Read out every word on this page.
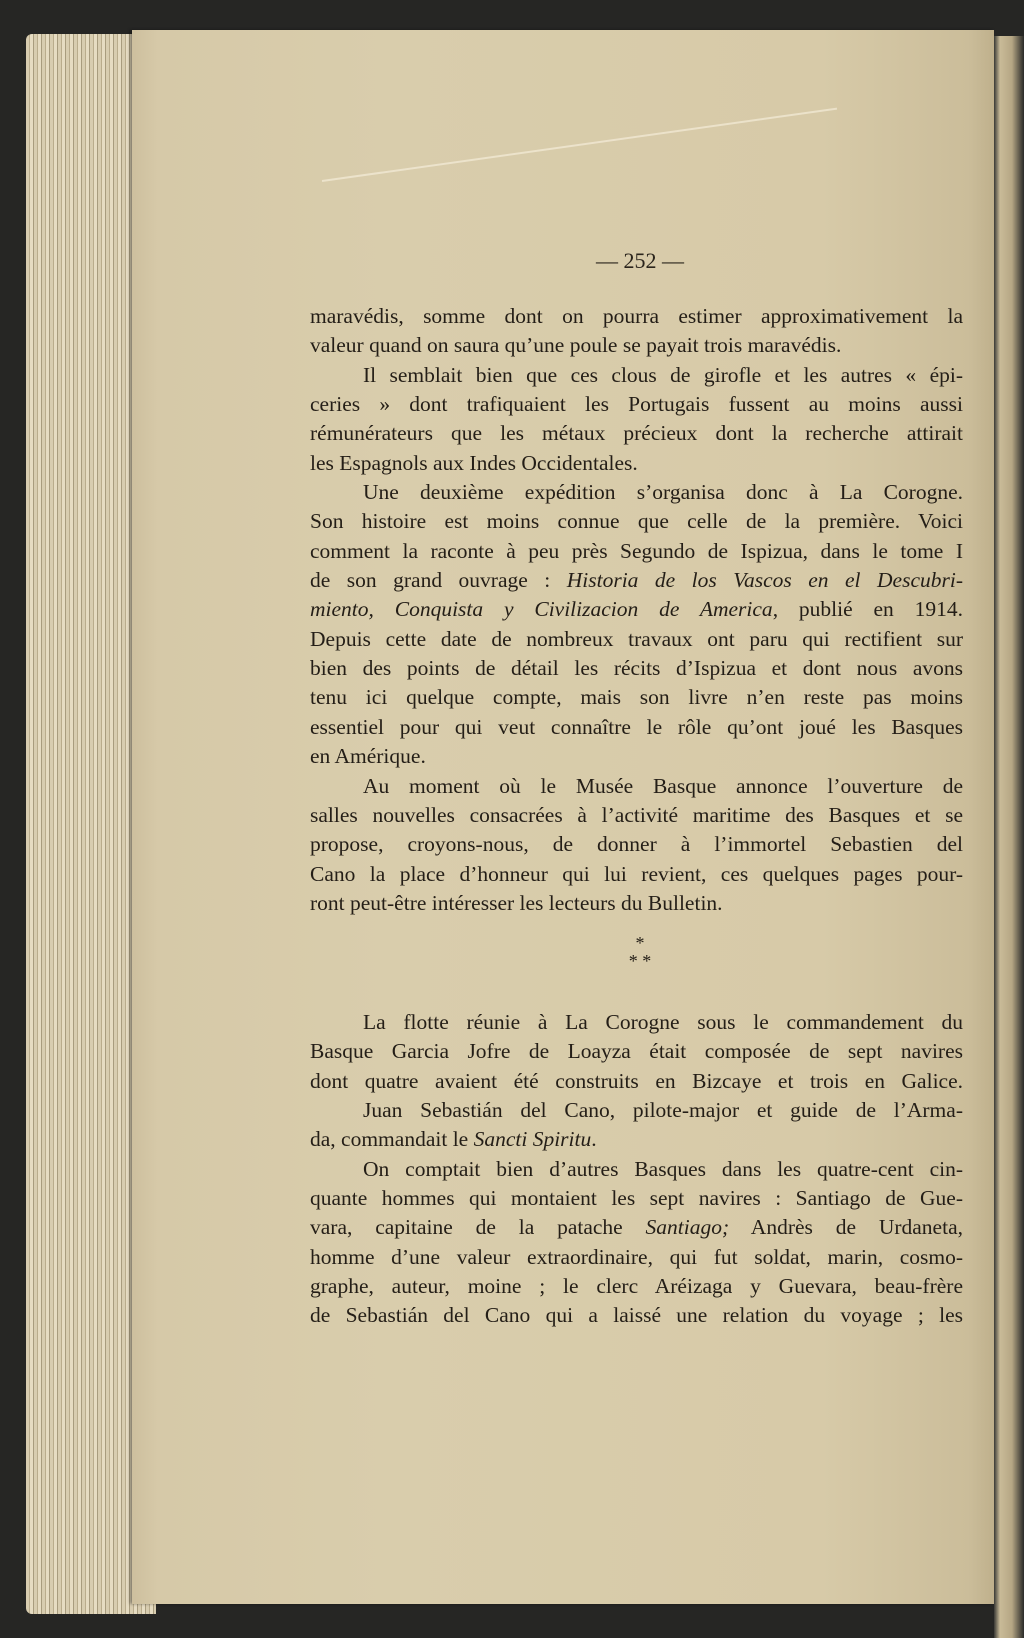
— 252 —
maravédis, somme dont on pourra estimer approximativement la
valeur quand on saura qu’une poule se payait trois maravédis.
Il semblait bien que ces clous de girofle et les autres « épi-
ceries » dont trafiquaient les Portugais fussent au moins aussi
rémunérateurs que les métaux précieux dont la recherche attirait
les Espagnols aux Indes Occidentales.
Une deuxième expédition s’organisa donc à La Corogne.
Son histoire est moins connue que celle de la première. Voici
comment la raconte à peu près Segundo de Ispizua, dans le tome I
de son grand ouvrage : Historia de los Vascos en el Descubri-
miento, Conquista y Civilizacion de America, publié en 1914.
Depuis cette date de nombreux travaux ont paru qui rectifient sur
bien des points de détail les récits d’Ispizua et dont nous avons
tenu ici quelque compte, mais son livre n’en reste pas moins
essentiel pour qui veut connaître le rôle qu’ont joué les Basques
en Amérique.
Au moment où le Musée Basque annonce l’ouverture de
salles nouvelles consacrées à l’activité maritime des Basques et se
propose, croyons-nous, de donner à l’immortel Sebastien del
Cano la place d’honneur qui lui revient, ces quelques pages pour-
ront peut-être intéresser les lecteurs du Bulletin.
*
* *
La flotte réunie à La Corogne sous le commandement du
Basque Garcia Jofre de Loayza était composée de sept navires
dont quatre avaient été construits en Bizcaye et trois en Galice.
Juan Sebastián del Cano, pilote-major et guide de l’Arma-
da, commandait le Sancti Spiritu.
On comptait bien d’autres Basques dans les quatre-cent cin-
quante hommes qui montaient les sept navires : Santiago de Gue-
vara, capitaine de la patache Santiago; Andrès de Urdaneta,
homme d’une valeur extraordinaire, qui fut soldat, marin, cosmo-
graphe, auteur, moine ; le clerc Aréizaga y Guevara, beau-frère
de Sebastián del Cano qui a laissé une relation du voyage ; les
